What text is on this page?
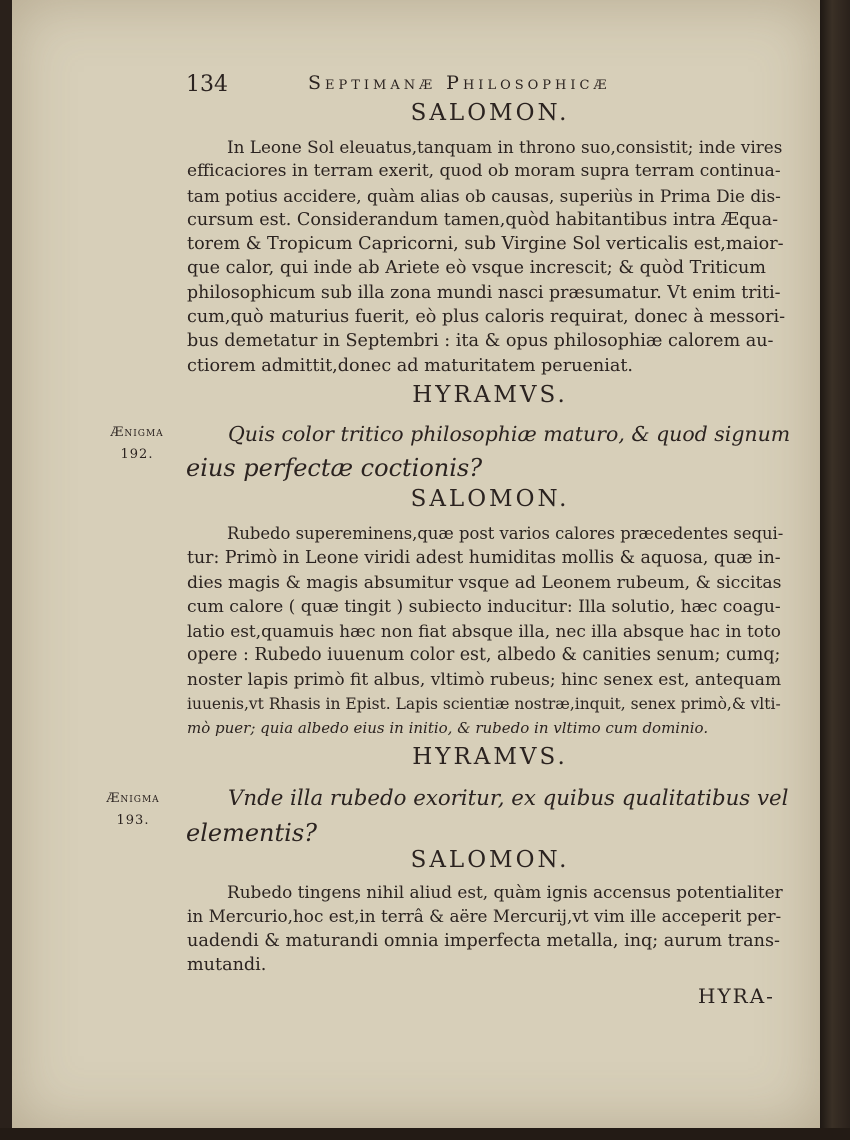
134	Septimanæ Philosophicæ
SALOMON.
In Leone Sol eleuatus,tanquam in throno suo,consistit; inde vires
efficaciores in terram exerit, quod ob moram supra terram continua-
tam potius accidere, quàm alias ob causas, superiùs in Prima Die dis-
cursum est. Considerandum tamen,quòd habitantibus intra Æqua-
torem & Tropicum Capricorni, sub Virgine Sol verticalis est,maior-
que calor, qui inde ab Ariete eò vsque increscit; & quòd Triticum
philosophicum sub illa zona mundi nasci præsumatur. Vt enim triti-
cum,quò maturius fuerit, eò plus caloris requirat, donec à messori-
bus demetatur in Septembri : ita & opus philosophiæ calorem au-
ctiorem admittit,donec ad maturitatem perueniat.
HYRAMVS.
Ænigma
192.
Quis color tritico philosophiæ maturo, & quod signum
eius perfectæ coctionis?
SALOMON.
Rubedo supereminens,quæ post varios calores præcedentes sequi-
tur: Primò in Leone viridi adest humiditas mollis & aquosa, quæ in-
dies magis & magis absumitur vsque ad Leonem rubeum, & siccitas
cum calore ( quæ tingit ) subiecto inducitur: Illa solutio, hæc coagu-
latio est,quamuis hæc non fiat absque illa, nec illa absque hac in toto
opere : Rubedo iuuenum color est, albedo & canities senum; cumq;
noster lapis primò fit albus, vltimò rubeus; hinc senex est, antequam
iuuenis,vt Rhasis in Epist. Lapis scientiæ nostræ,inquit, senex primò,& vlti-
mò puer; quia albedo eius in initio, & rubedo in vltimo cum dominio.
HYRAMVS.
Ænigma
193.
Vnde illa rubedo exoritur, ex quibus qualitatibus vel
elementis?
SALOMON.
Rubedo tingens nihil aliud est, quàm ignis accensus potentialiter
in Mercurio,hoc est,in terrâ & aëre Mercurij,vt vim ille acceperit per-
uadendi & maturandi omnia imperfecta metalla, inq; aurum trans-
mutandi.
HYRA-
